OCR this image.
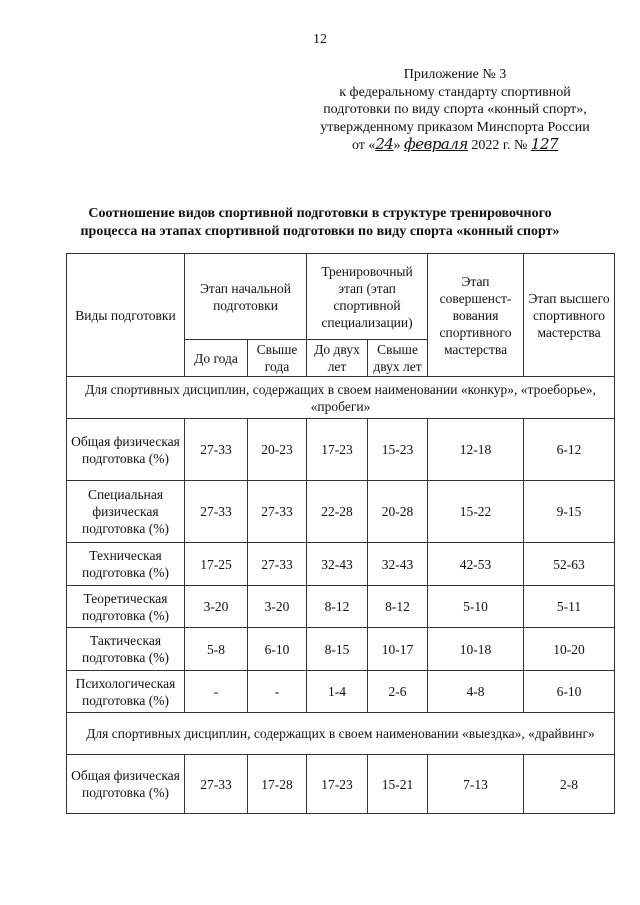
12
Приложение № 3
к федеральному стандарту спортивной
подготовки по виду спорта «конный спорт»,
утвержденному приказом Минспорта России
от «24» февраля 2022 г. № 127
Соотношение видов спортивной подготовки в структуре тренировочного
процесса на этапах спортивной подготовки по виду спорта «конный спорт»
Виды подготовки	Этап начальной подготовки		Тренировочный этап (этап спортивной специализации)		Этап совершенст- вования спортивного мастерства	Этап высшего спортивного мастерства
	До года	Свыше года	До двух лет	Свыше двух лет		
Для спортивных дисциплин, содержащих в своем наименовании «конкур», «троеборье», «пробеги»						
Общая физическая подготовка (%)	27-33	20-23	17-23	15-23	12-18	6-12
Специальная физическая подготовка (%)	27-33	27-33	22-28	20-28	15-22	9-15
Техническая подготовка (%)	17-25	27-33	32-43	32-43	42-53	52-63
Теоретическая подготовка (%)	3-20	3-20	8-12	8-12	5-10	5-11
Тактическая подготовка (%)	5-8	6-10	8-15	10-17	10-18	10-20
Психологическая подготовка (%)	-	-	1-4	2-6	4-8	6-10
Для спортивных дисциплин, содержащих в своем наименовании «выездка», «драйвинг»						
Общая физическая подготовка (%)	27-33	17-28	17-23	15-21	7-13	2-8
